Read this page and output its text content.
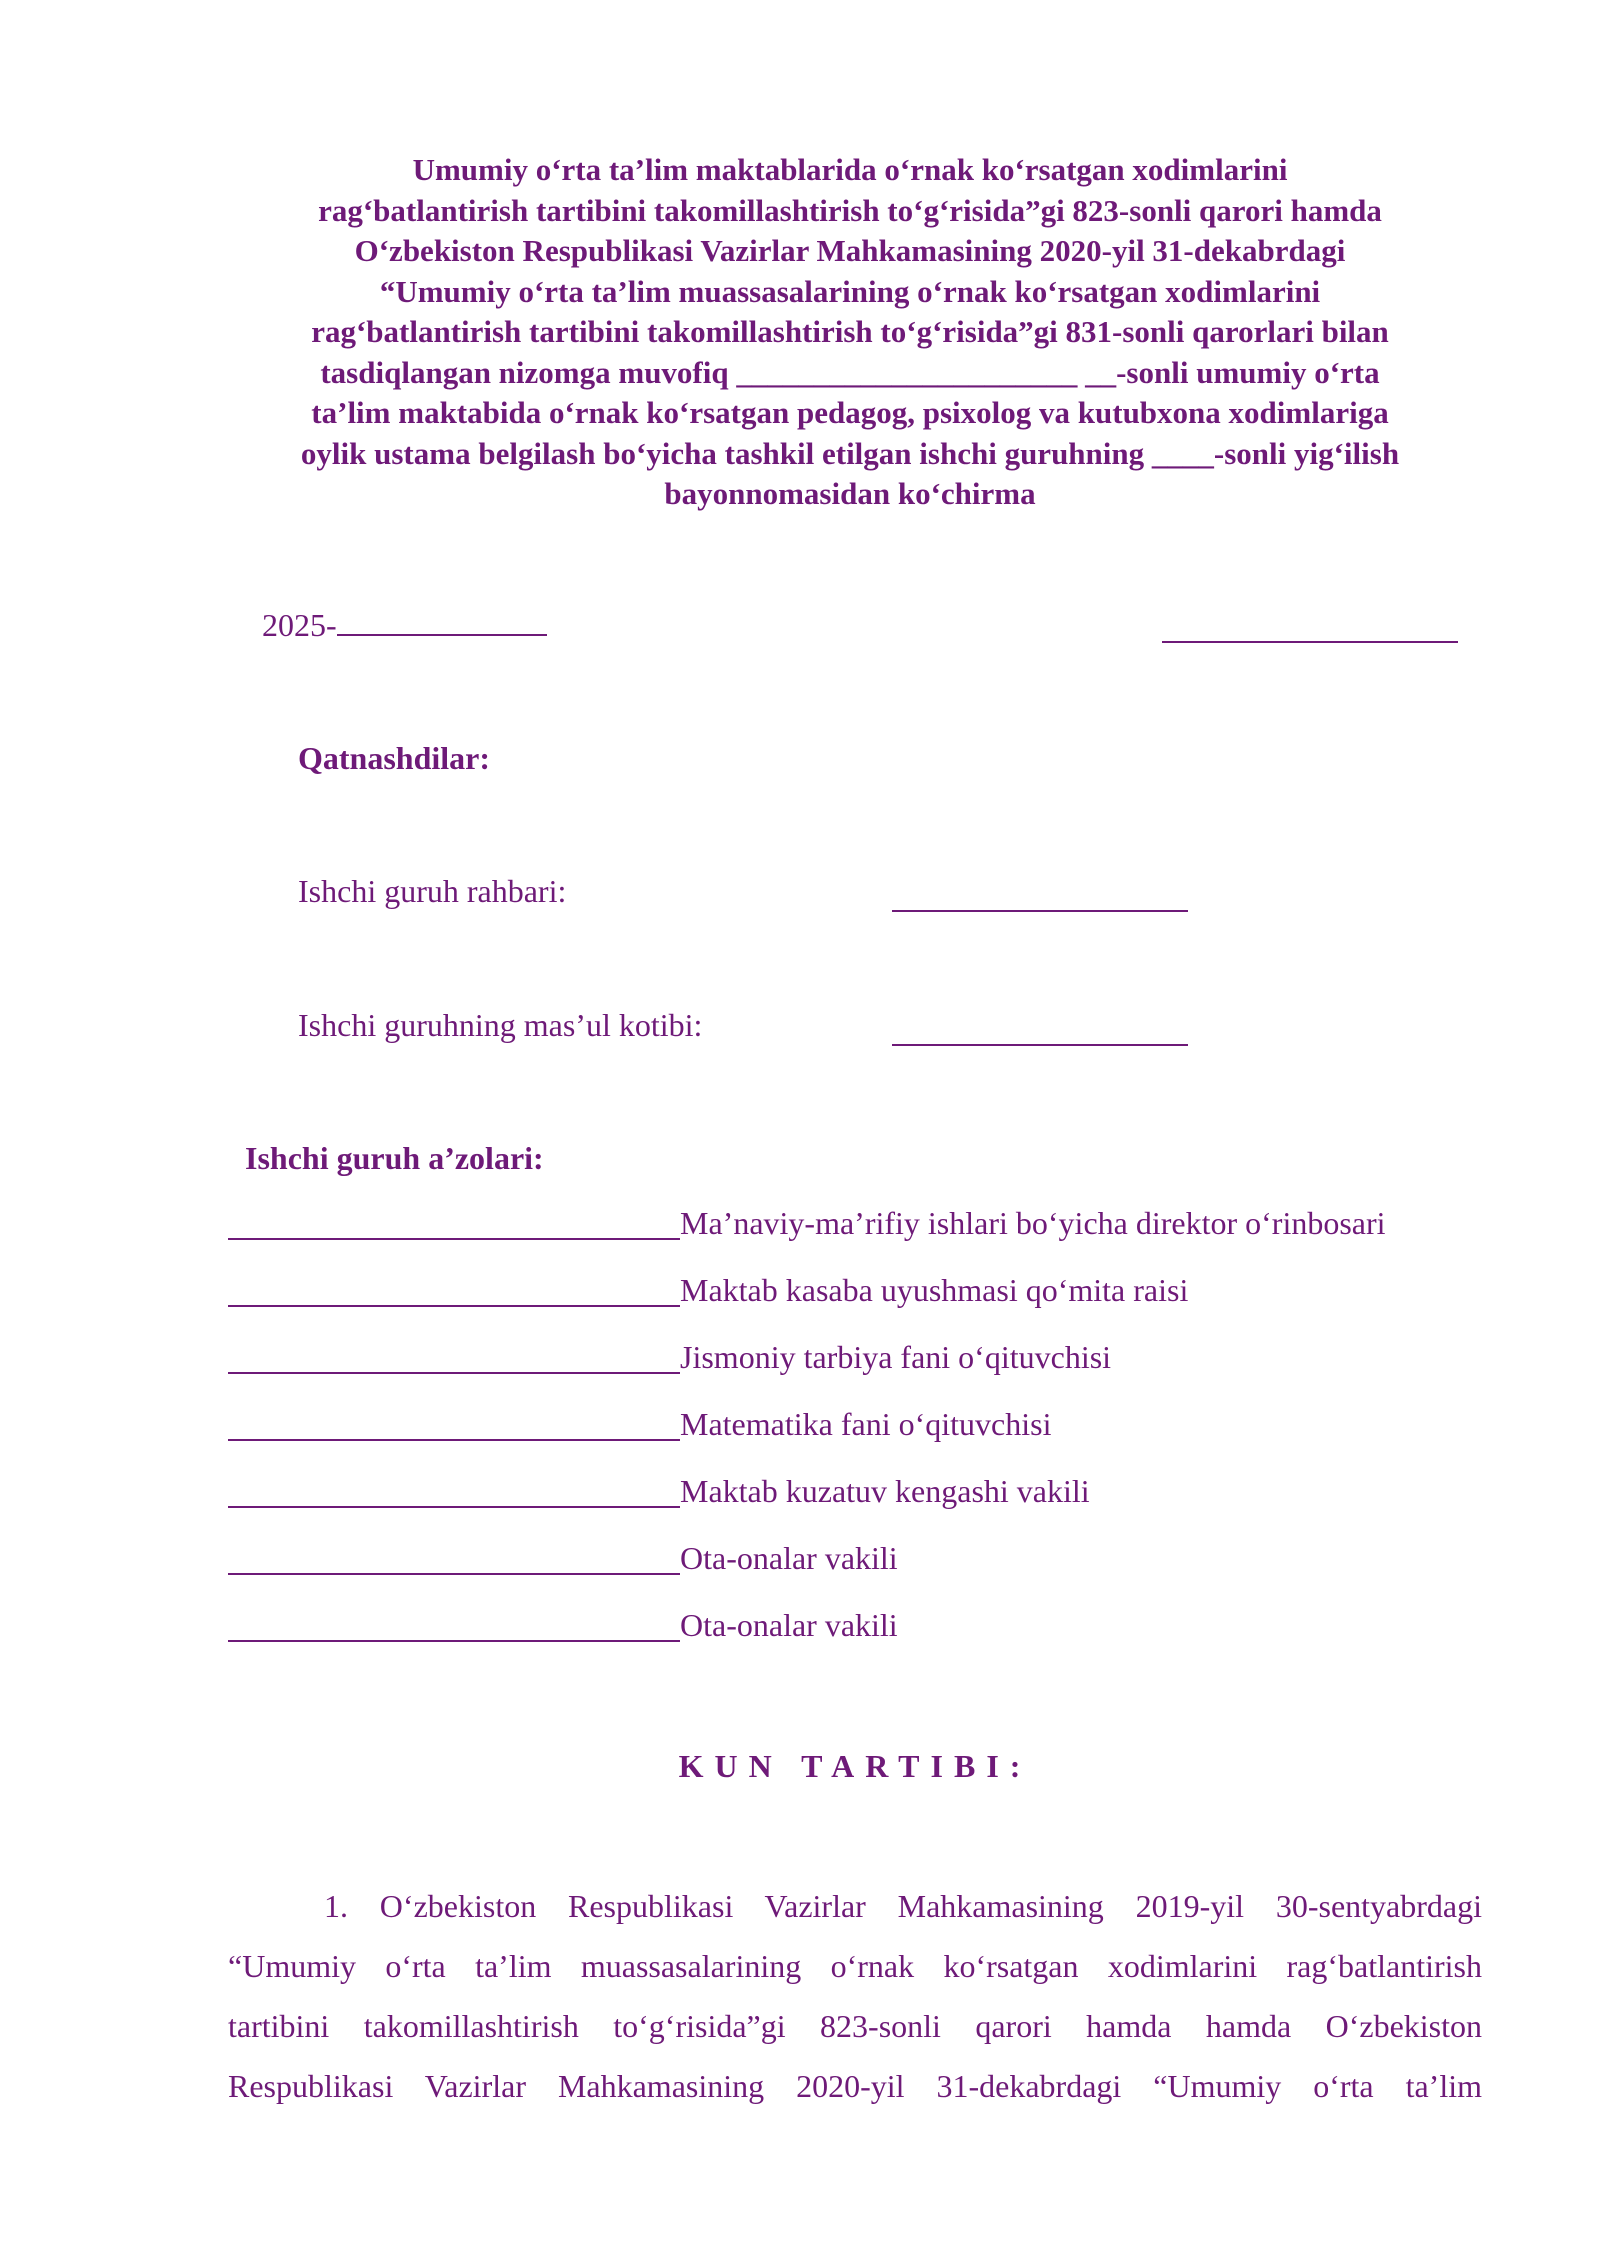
Umumiy o‘rta ta’lim maktablarida o‘rnak ko‘rsatgan xodimlarini
rag‘batlantirish tartibini takomillashtirish to‘g‘risida”gi 823-sonli qarori hamda
O‘zbekiston Respublikasi Vazirlar Mahkamasining 2020-yil 31-dekabrdagi
“Umumiy o‘rta ta’lim muassasalarining o‘rnak ko‘rsatgan xodimlarini
rag‘batlantirish tartibini takomillashtirish to‘g‘risida”gi 831-sonli qarorlari bilan
tasdiqlangan nizomga muvofiq ______________________ __-sonli umumiy o‘rta
ta’lim maktabida o‘rnak ko‘rsatgan pedagog, psixolog va kutubxona xodimlariga
oylik ustama belgilash bo‘yicha tashkil etilgan ishchi guruhning ____-sonli yig‘ilish
bayonnomasidan ko‘chirma
2025-
Qatnashdilar:
Ishchi guruh rahbari:
Ishchi guruhning mas’ul kotibi:
Ishchi guruh a’zolari:
Ma’naviy-ma’rifiy ishlari bo‘yicha direktor o‘rinbosari
Maktab kasaba uyushmasi qo‘mita raisi
Jismoniy tarbiya fani o‘qituvchisi
Matematika fani o‘qituvchisi
Maktab kuzatuv kengashi vakili
Ota-onalar vakili
Ota-onalar vakili
KUN TARTIBI:
1. O‘zbekiston Respublikasi Vazirlar Mahkamasining 2019-yil 30-sentyabrdagi
“Umumiy o‘rta ta’lim muassasalarining o‘rnak ko‘rsatgan xodimlarini rag‘batlantirish
tartibini takomillashtirish to‘g‘risida”gi 823-sonli qarori hamda hamda O‘zbekiston
Respublikasi Vazirlar Mahkamasining 2020-yil 31-dekabrdagi “Umumiy o‘rta ta’lim
